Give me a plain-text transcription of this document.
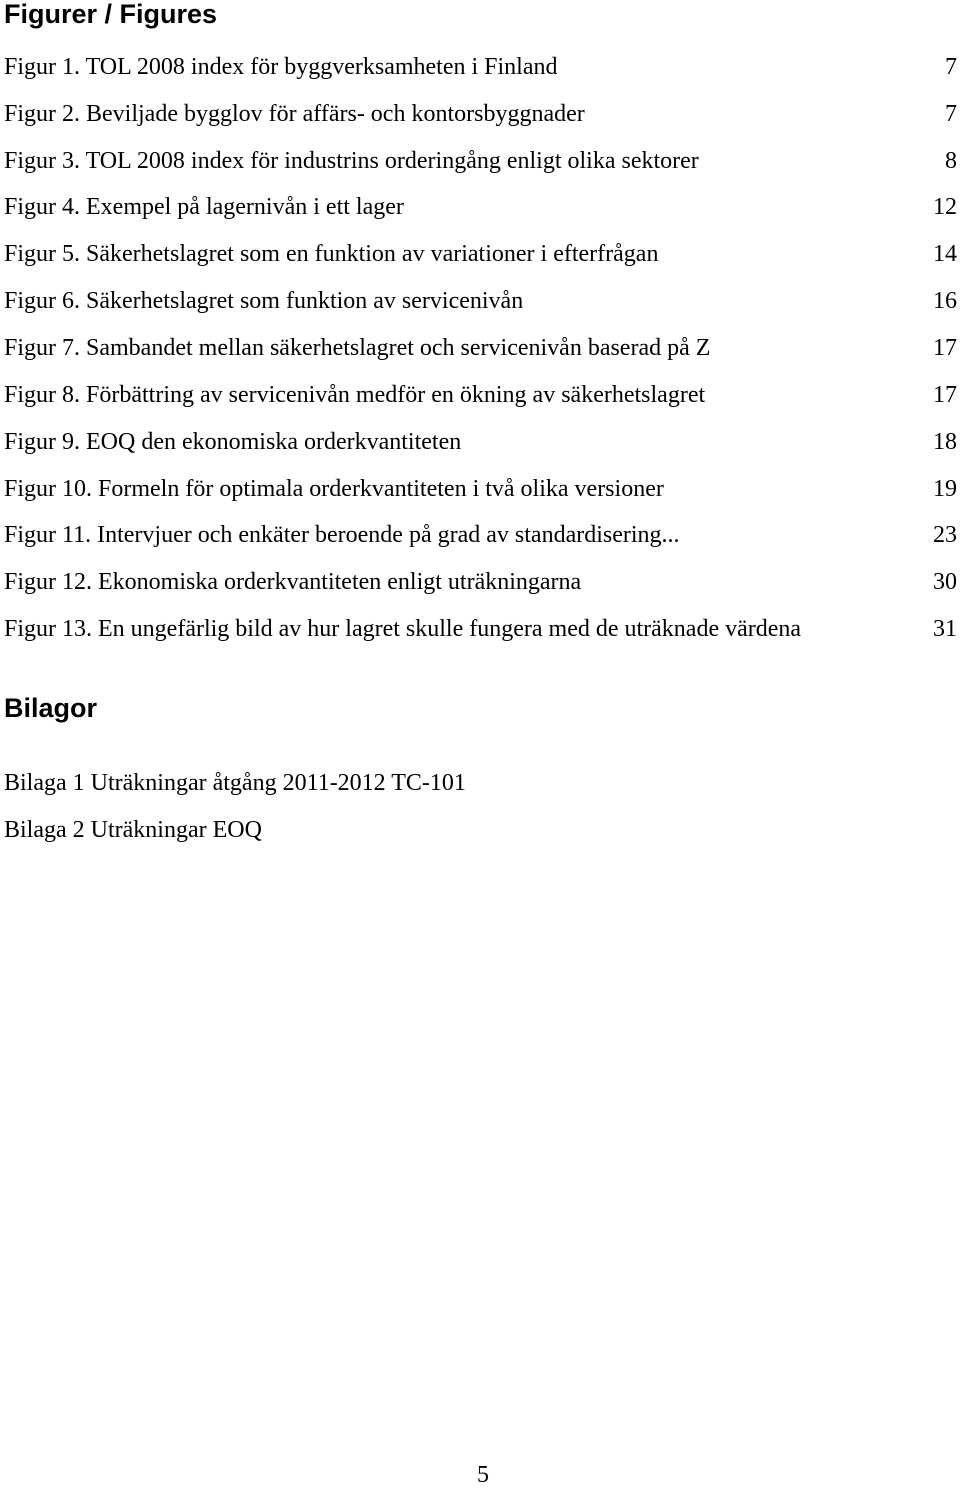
Figurer / Figures
Figur 1. TOL 2008 index för byggverksamheten i Finland	7
Figur 2. Beviljade bygglov för affärs- och kontorsbyggnader	7
Figur 3. TOL 2008 index för industrins orderingång enligt olika sektorer	8
Figur 4. Exempel på lagernivån i ett lager	12
Figur 5. Säkerhetslagret som en funktion av variationer i efterfrågan	14
Figur 6. Säkerhetslagret som funktion av servicenivån	16
Figur 7. Sambandet mellan säkerhetslagret och servicenivån baserad på Z	17
Figur 8. Förbättring av servicenivån medför en ökning av säkerhetslagret	17
Figur 9. EOQ den ekonomiska orderkvantiteten	18
Figur 10. Formeln för optimala orderkvantiteten i två olika versioner	19
Figur 11. Intervjuer och enkäter beroende på grad av standardisering...	23
Figur 12. Ekonomiska orderkvantiteten enligt uträkningarna	30
Figur 13. En ungefärlig bild av hur lagret skulle fungera med de uträknade värdena	31
Bilagor
Bilaga 1 Uträkningar åtgång 2011-2012 TC-101
Bilaga 2 Uträkningar EOQ
5
